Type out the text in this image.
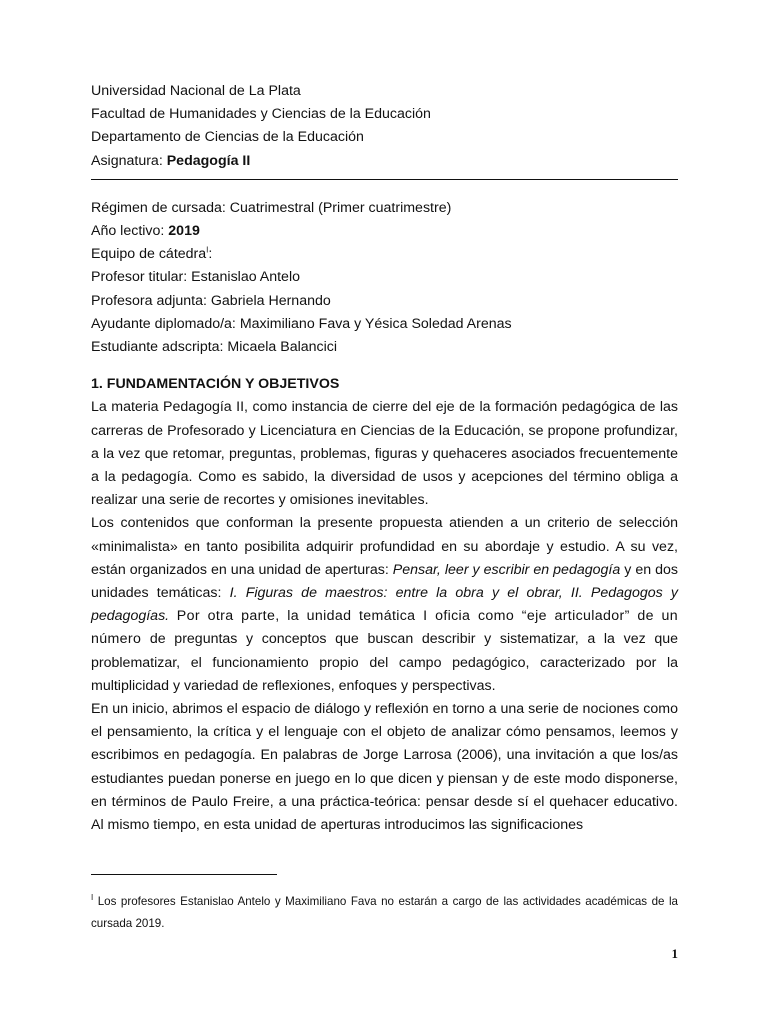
Universidad Nacional de La Plata
Facultad de Humanidades y Ciencias de la Educación
Departamento de Ciencias de la Educación
Asignatura: Pedagogía II
Régimen de cursada: Cuatrimestral (Primer cuatrimestre)
Año lectivo: 2019
Equipo de cátedra$^I$:
Profesor titular: Estanislao Antelo
Profesora adjunta: Gabriela Hernando
Ayudante diplomado/a: Maximiliano Fava y Yésica Soledad Arenas
Estudiante adscripta: Micaela Balancici
1. FUNDAMENTACIÓN Y OBJETIVOS

La materia Pedagogía II, como instancia de cierre del eje de la formación pedagógica de las carreras de Profesorado y Licenciatura en Ciencias de la Educación, se propone profundizar, a la vez que retomar, preguntas, problemas, figuras y quehaceres asociados frecuentemente a la pedagogía. Como es sabido, la diversidad de usos y acepciones del término obliga a realizar una serie de recortes y omisiones inevitables.

Los contenidos que conforman la presente propuesta atienden a un criterio de selección «minimalista» en tanto posibilita adquirir profundidad en su abordaje y estudio. A su vez, están organizados en una unidad de aperturas: Pensar, leer y escribir en pedagogía y en dos unidades temáticas: I. Figuras de maestros: entre la obra y el obrar, II. Pedagogos y pedagogías. Por otra parte, la unidad temática I oficia como “eje articulador” de un número de preguntas y conceptos que buscan describir y sistematizar, a la vez que problematizar, el funcionamiento propio del campo pedagógico, caracterizado por la multiplicidad y variedad de reflexiones, enfoques y perspectivas.

En un inicio, abrimos el espacio de diálogo y reflexión en torno a una serie de nociones como el pensamiento, la crítica y el lenguaje con el objeto de analizar cómo pensamos, leemos y escribimos en pedagogía. En palabras de Jorge Larrosa (2006), una invitación a que los/as estudiantes puedan ponerse en juego en lo que dicen y piensan y de este modo disponerse, en términos de Paulo Freire, a una práctica-teórica: pensar desde sí el quehacer educativo. Al mismo tiempo, en esta unidad de aperturas introducimos las significaciones

$^I$ Los profesores Estanislao Antelo y Maximiliano Fava no estarán a cargo de las actividades académicas de la cursada 2019.
1
